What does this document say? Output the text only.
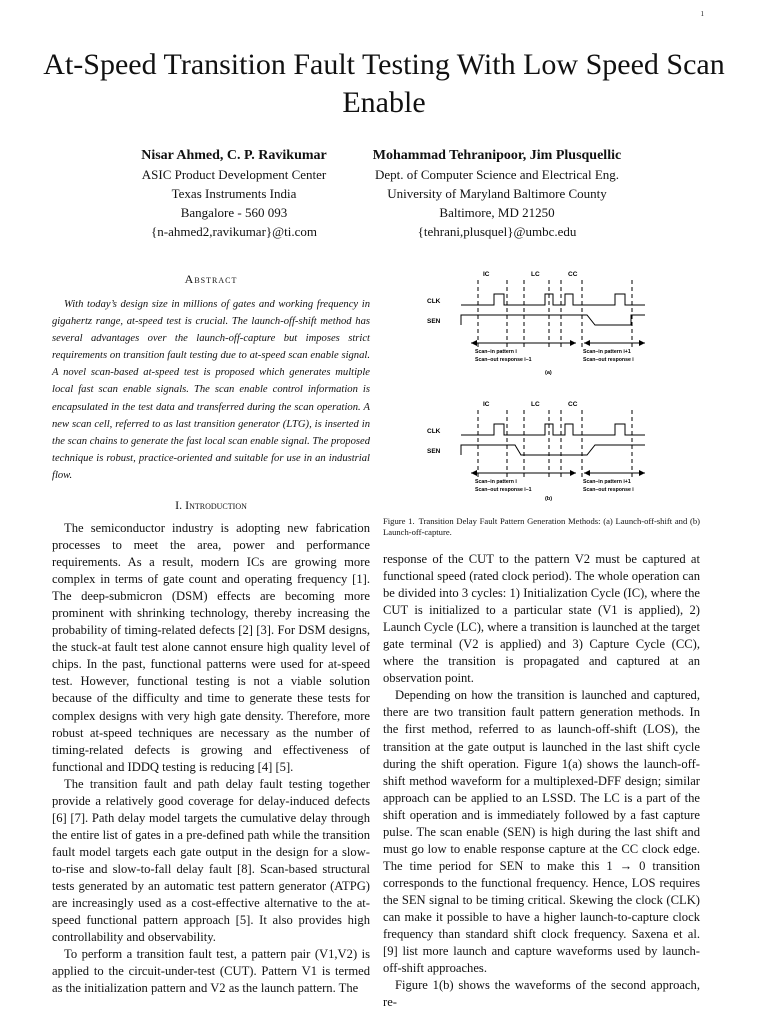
1
At-Speed Transition Fault Testing With Low Speed Scan Enable
Nisar Ahmed, C. P. Ravikumar
ASIC Product Development Center
Texas Instruments India
Bangalore - 560 093
{n-ahmed2,ravikumar}@ti.com
Mohammad Tehranipoor, Jim Plusquellic
Dept. of Computer Science and Electrical Eng.
University of Maryland Baltimore County
Baltimore, MD 21250
{tehrani,plusquel}@umbc.edu
Abstract

With today’s design size in millions of gates and working frequency in gigahertz range, at-speed test is crucial. The launch-off-shift method has several advantages over the launch-off-capture but imposes strict requirements on transition fault testing due to at-speed scan enable signal. A novel scan-based at-speed test is proposed which generates multiple local fast scan enable signals. The scan enable control information is encapsulated in the test data and transferred during the scan operation. A new scan cell, referred to as last transition generator (LTG), is inserted in the scan chains to generate the fast local scan enable signal. The proposed technique is robust, practice-oriented and suitable for use in an industrial flow.

I. Introduction

The semiconductor industry is adopting new fabrication processes to meet the area, power and performance requirements. As a result, modern ICs are growing more complex in terms of gate count and operating frequency [1]. The deep-submicron (DSM) effects are becoming more prominent with shrinking technology, thereby increasing the probability of timing-related defects [2] [3]. For DSM designs, the stuck-at fault test alone cannot ensure high quality level of chips. In the past, functional patterns were used for at-speed test. However, functional testing is not a viable solution because of the difficulty and time to generate these tests for complex designs with very high gate density. Therefore, more robust at-speed techniques are necessary as the number of timing-related defects is growing and effectiveness of functional and IDDQ testing is reducing [4] [5].

The transition fault and path delay fault testing together provide a relatively good coverage for delay-induced defects [6] [7]. Path delay model targets the cumulative delay through the entire list of gates in a pre-defined path while the transition fault model targets each gate output in the design for a slow-to-rise and slow-to-fall delay fault [8]. Scan-based structural tests generated by an automatic test pattern generator (ATPG) are increasingly used as a cost-effective alternative to the at-speed functional pattern approach [5]. It also provides high controllability and observability.

To perform a transition fault test, a pattern pair (V1,V2) is applied to the circuit-under-test (CUT). Pattern V1 is termed as the initialization pattern and V2 as the launch pattern. The

IC	LC	CC
CLK
SEN
Scan–in pattern i
Scan–out response i–1
Scan–in pattern i+1
Scan–out response i
(a)
IC	LC	CC
CLK
SEN
Scan–in pattern i
Scan–out response i–1
Scan–in pattern i+1
Scan–out response i
(b)
Figure 1. Transition Delay Fault Pattern Generation Methods: (a) Launch-off-shift and (b) Launch-off-capture.

response of the CUT to the pattern V2 must be captured at functional speed (rated clock period). The whole operation can be divided into 3 cycles: 1) Initialization Cycle (IC), where the CUT is initialized to a particular state (V1 is applied), 2) Launch Cycle (LC), where a transition is launched at the target gate terminal (V2 is applied) and 3) Capture Cycle (CC), where the transition is propagated and captured at an observation point.

Depending on how the transition is launched and captured, there are two transition fault pattern generation methods. In the first method, referred to as launch-off-shift (LOS), the transition at the gate output is launched in the last shift cycle during the shift operation. Figure 1(a) shows the launch-off-shift method waveform for a multiplexed-DFF design; similar approach can be applied to an LSSD. The LC is a part of the shift operation and is immediately followed by a fast capture pulse. The scan enable (SEN) is high during the last shift and must go low to enable response capture at the CC clock edge. The time period for SEN to make this 1 → 0 transition corresponds to the functional frequency. Hence, LOS requires the SEN signal to be timing critical. Skewing the clock (CLK) can make it possible to have a higher launch-to-capture clock frequency than standard shift clock frequency. Saxena et al. [9] list more launch and capture waveforms used by launch-off-shift approaches.

Figure 1(b) shows the waveforms of the second approach, re-
